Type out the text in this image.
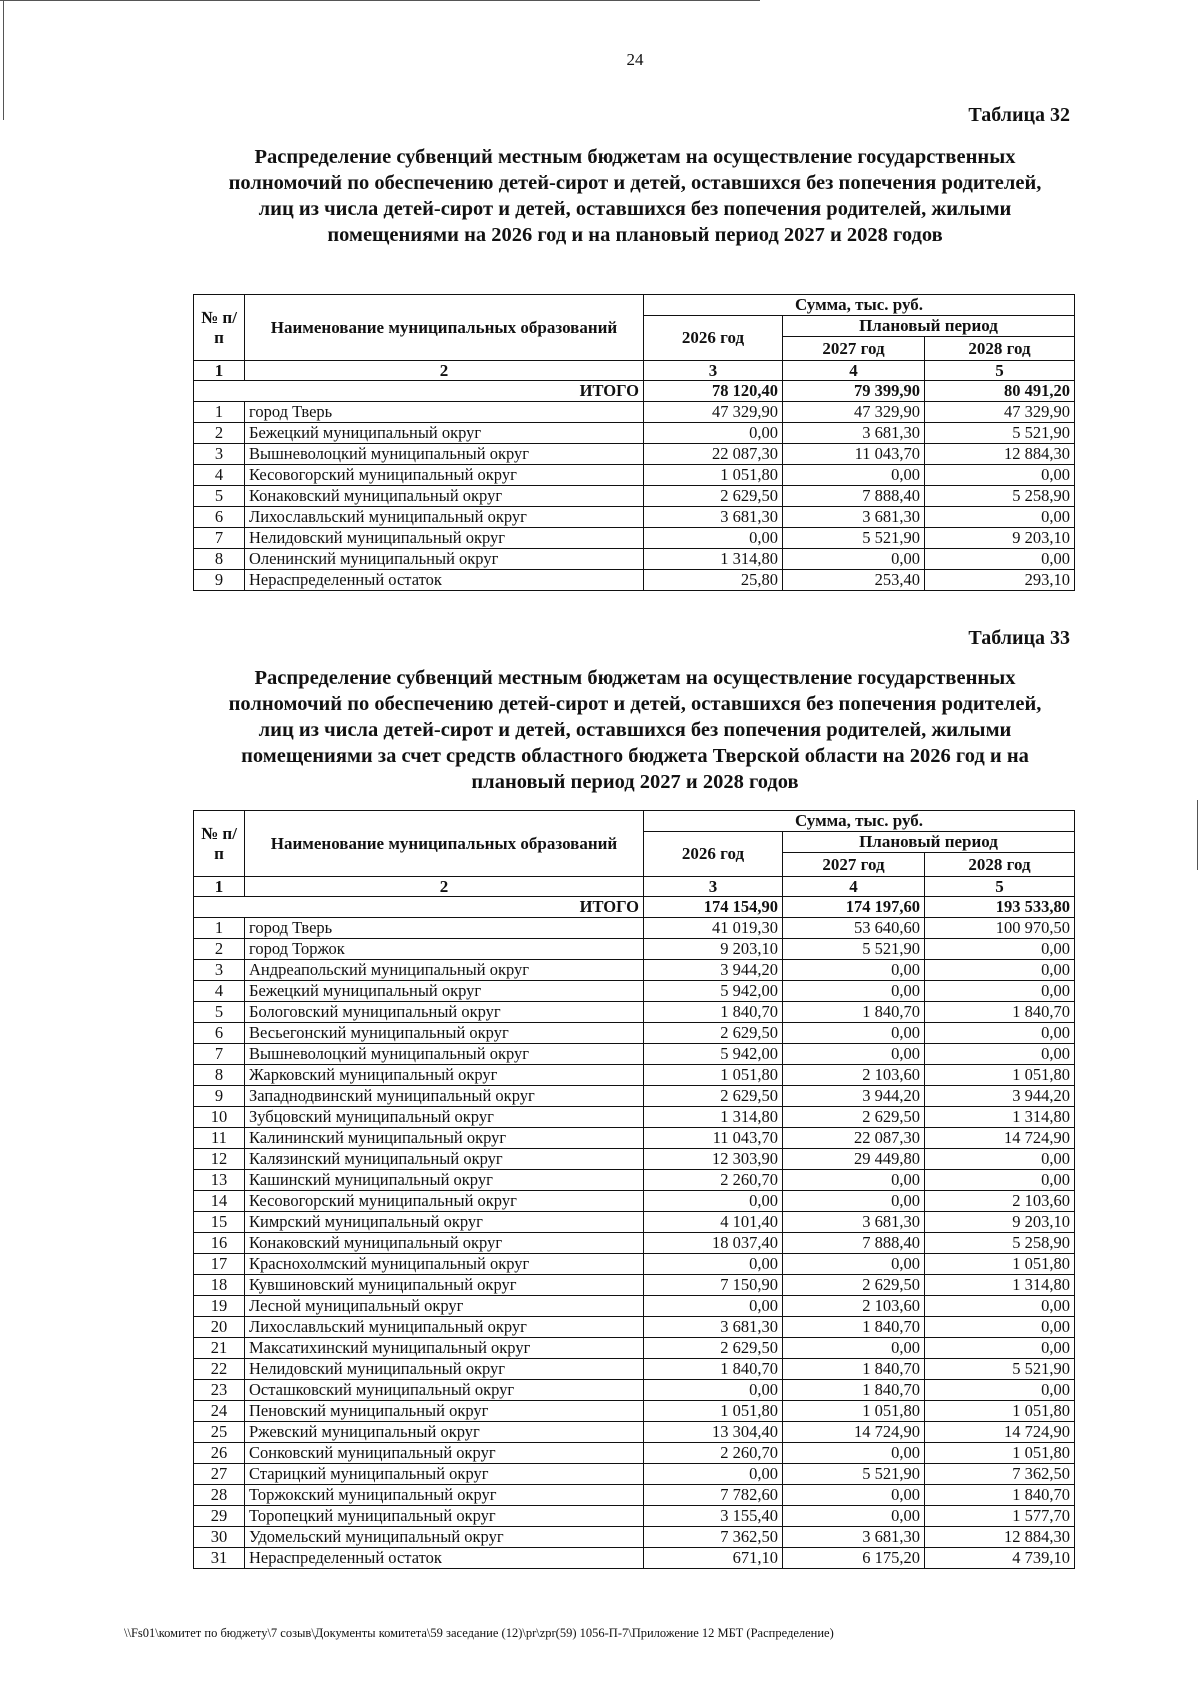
24
Таблица 32
Распределение субвенций местным бюджетам на осуществление государственных
полномочий по обеспечению детей-сирот и детей, оставшихся без попечения родителей,
лиц из числа детей-сирот и детей, оставшихся без попечения родителей, жилыми
помещениями на 2026 год и на плановый период 2027 и 2028 годов
№ п/п	Наименование муниципальных образований	Сумма, тыс. руб.		
		2026 год	Плановый период	
			2027 год	2028 год
1	2	3	4	5
ИТОГО		78 120,40	79 399,90	80 491,20
1	город Тверь	47 329,90	47 329,90	47 329,90
2	Бежецкий муниципальный округ	0,00	3 681,30	5 521,90
3	Вышневолоцкий муниципальный округ	22 087,30	11 043,70	12 884,30
4	Кесовогорский муниципальный округ	1 051,80	0,00	0,00
5	Конаковский муниципальный округ	2 629,50	7 888,40	5 258,90
6	Лихославльский муниципальный округ	3 681,30	3 681,30	0,00
7	Нелидовский муниципальный округ	0,00	5 521,90	9 203,10
8	Оленинский муниципальный округ	1 314,80	0,00	0,00
9	Нераспределенный остаток	25,80	253,40	293,10
Таблица 33
Распределение субвенций местным бюджетам на осуществление государственных
полномочий по обеспечению детей-сирот и детей, оставшихся без попечения родителей,
лиц из числа детей-сирот и детей, оставшихся без попечения родителей, жилыми
помещениями за счет средств областного бюджета Тверской области на 2026 год и на
плановый период 2027 и 2028 годов
№ п/п	Наименование муниципальных образований	Сумма, тыс. руб.		
		2026 год	Плановый период	
			2027 год	2028 год
1	2	3	4	5
ИТОГО		174 154,90	174 197,60	193 533,80
1	город Тверь	41 019,30	53 640,60	100 970,50
2	город Торжок	9 203,10	5 521,90	0,00
3	Андреапольский муниципальный округ	3 944,20	0,00	0,00
4	Бежецкий муниципальный округ	5 942,00	0,00	0,00
5	Бологовский муниципальный округ	1 840,70	1 840,70	1 840,70
6	Весьегонский муниципальный округ	2 629,50	0,00	0,00
7	Вышневолоцкий муниципальный округ	5 942,00	0,00	0,00
8	Жарковский муниципальный округ	1 051,80	2 103,60	1 051,80
9	Западнодвинский муниципальный округ	2 629,50	3 944,20	3 944,20
10	Зубцовский муниципальный округ	1 314,80	2 629,50	1 314,80
11	Калининский муниципальный округ	11 043,70	22 087,30	14 724,90
12	Калязинский муниципальный округ	12 303,90	29 449,80	0,00
13	Кашинский муниципальный округ	2 260,70	0,00	0,00
14	Кесовогорский муниципальный округ	0,00	0,00	2 103,60
15	Кимрский муниципальный округ	4 101,40	3 681,30	9 203,10
16	Конаковский муниципальный округ	18 037,40	7 888,40	5 258,90
17	Краснохолмский муниципальный округ	0,00	0,00	1 051,80
18	Кувшиновский муниципальный округ	7 150,90	2 629,50	1 314,80
19	Лесной муниципальный округ	0,00	2 103,60	0,00
20	Лихославльский муниципальный округ	3 681,30	1 840,70	0,00
21	Максатихинский муниципальный округ	2 629,50	0,00	0,00
22	Нелидовский муниципальный округ	1 840,70	1 840,70	5 521,90
23	Осташковский муниципальный округ	0,00	1 840,70	0,00
24	Пеновский муниципальный округ	1 051,80	1 051,80	1 051,80
25	Ржевский муниципальный округ	13 304,40	14 724,90	14 724,90
26	Сонковский муниципальный округ	2 260,70	0,00	1 051,80
27	Старицкий муниципальный округ	0,00	5 521,90	7 362,50
28	Торжокский муниципальный округ	7 782,60	0,00	1 840,70
29	Торопецкий муниципальный округ	3 155,40	0,00	1 577,70
30	Удомельский муниципальный округ	7 362,50	3 681,30	12 884,30
31	Нераспределенный остаток	671,10	6 175,20	4 739,10
\\Fs01\комитет по бюджету\7 созыв\Документы комитета\59 заседание (12)\pr\zpr(59) 1056-П-7\Приложение 12 МБТ (Распределение)
